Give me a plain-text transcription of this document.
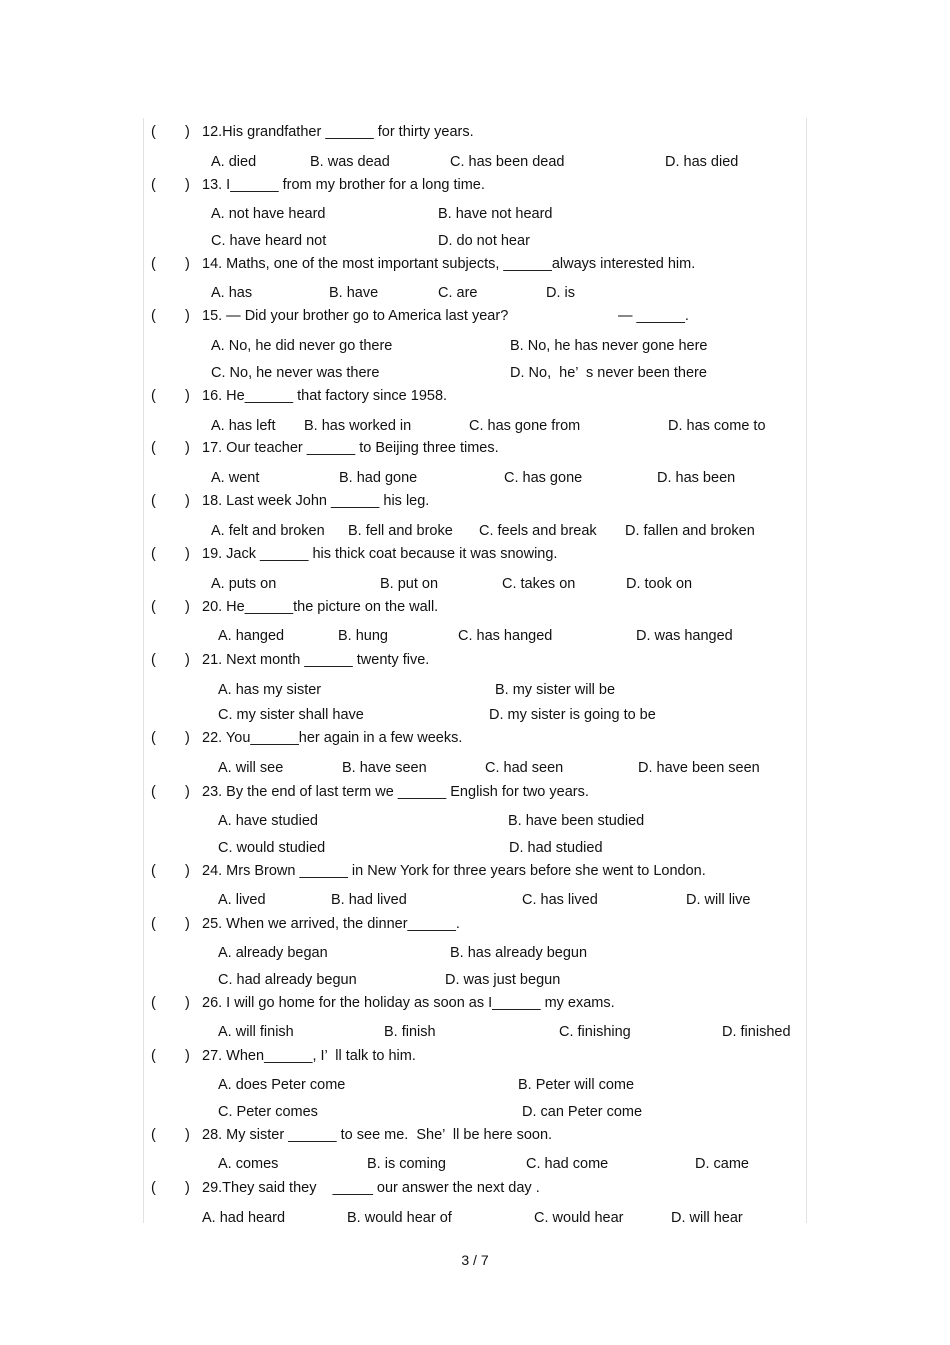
( ) 12.His grandfather ______ for thirty years.
A. died	B. was dead	C. has been dead	D. has died
( ) 13. I______ from my brother for a long time.
A. not have heard	B. have not heard
C. have heard not	D. do not hear
( ) 14. Maths, one of the most important subjects, ______always interested him.
A. has	B. have	C. are	D. is
( ) 15. — Did your brother go to America last year?	— ______.
A. No, he did never go there	B. No, he has never gone here
C. No, he never was there	D. No,  he’  s never been there
( ) 16. He______ that factory since 1958.
A. has left B. has worked in	C. has gone from	D. has come to
( ) 17. Our teacher ______ to Beijing three times.
A. went	B. had gone	C. has gone	D. has been
( ) 18. Last week John ______ his leg.
A. felt and broken B. fell and broke C. feels and break D. fallen and broken
( ) 19. Jack ______ his thick coat because it was snowing.
A. puts on	B. put on	C. takes on	D. took on
( ) 20. He______the picture on the wall.
A. hanged	B. hung	C. has hanged	D. was hanged
( ) 21. Next month ______ twenty five.
A. has my sister	B. my sister will be
C. my sister shall have	D. my sister is going to be
( ) 22. You______her again in a few weeks.
A. will see	B. have seen	C. had seen	D. have been seen
( ) 23. By the end of last term we ______ English for two years.
A. have studied	B. have been studied
C. would studied	D. had studied
( ) 24. Mrs Brown ______ in New York for three years before she went to London.
A. lived	B. had lived	C. has lived	D. will live
( ) 25. When we arrived, the dinner______.
A. already began	B. has already begun
C. had already begun	D. was just begun
( ) 26. I will go home for the holiday as soon as I______ my exams.
A. will finish	B. finish	C. finishing	D. finished
( ) 27. When______, I’  ll talk to him.
A. does Peter come	B. Peter will come
C. Peter comes	D. can Peter come
( ) 28. My sister ______ to see me.  She’  ll be here soon.
A. comes	B. is coming	C. had come	D. came
( ) 29.They said they    _____ our answer the next day .
A. had heard	B. would hear of	C. would hear	D. will hear
3 / 7
